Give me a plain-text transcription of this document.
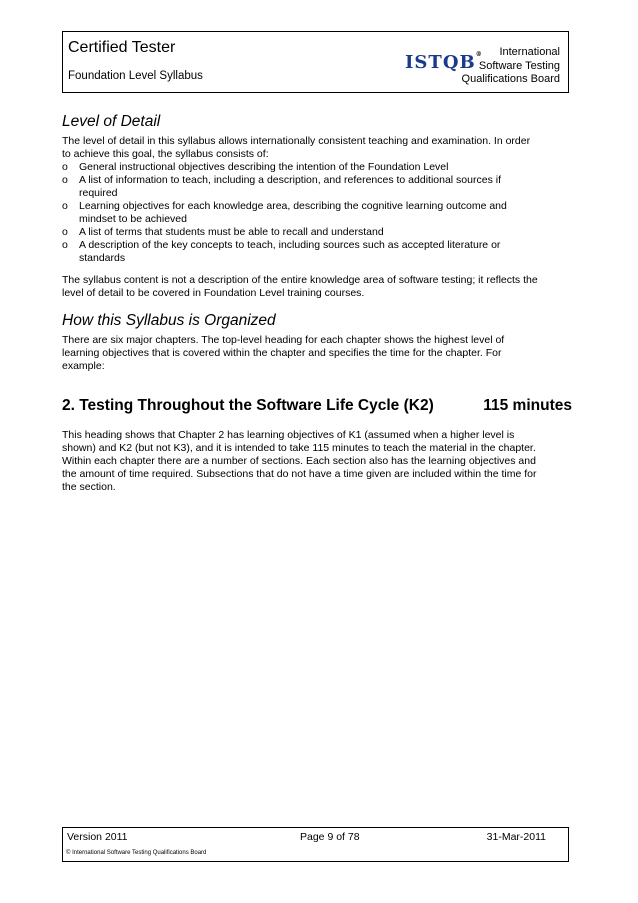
Certified Tester
Foundation Level Syllabus
ISTQB®	International
Software Testing
Qualifications Board
Level of Detail

The level of detail in this syllabus allows internationally consistent teaching and examination. In order to achieve this goal, the syllabus consists of:

o General instructional objectives describing the intention of the Foundation Level
o A list of information to teach, including a description, and references to additional sources if required
o Learning objectives for each knowledge area, describing the cognitive learning outcome and mindset to be achieved
o A list of terms that students must be able to recall and understand
o A description of the key concepts to teach, including sources such as accepted literature or standards

The syllabus content is not a description of the entire knowledge area of software testing; it reflects the level of detail to be covered in Foundation Level training courses.

How this Syllabus is Organized

There are six major chapters. The top-level heading for each chapter shows the highest level of learning objectives that is covered within the chapter and specifies the time for the chapter. For example:

2. Testing Throughout the Software Life Cycle (K2)	115 minutes

This heading shows that Chapter 2 has learning objectives of K1 (assumed when a higher level is shown) and K2 (but not K3), and it is intended to take 115 minutes to teach the material in the chapter. Within each chapter there are a number of sections. Each section also has the learning objectives and the amount of time required. Subsections that do not have a time given are included within the time for the section.

Version 2011
© International Software Testing Qualifications Board
Page 9 of 78	31-Mar-2011
